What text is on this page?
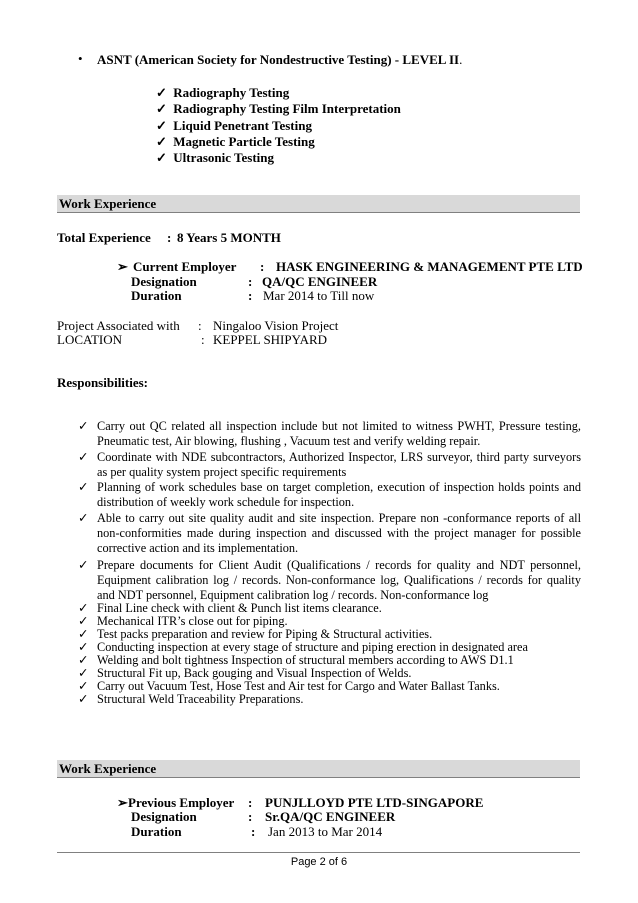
• ASNT (American Society for Nondestructive Testing) - LEVEL II.
✓ Radiography Testing
✓ Radiography Testing Film Interpretation
✓ Liquid Penetrant Testing
✓ Magnetic Particle Testing
✓ Ultrasonic Testing
Work Experience
Total Experience : 8 Years 5 MONTH
➢ Current Employer : HASK ENGINEERING & MANAGEMENT PTE LTD
Designation	: QA/QC ENGINEER
Duration	: Mar 2014 to Till now
Project Associated with : Ningaloo Vision Project
LOCATION	: KEPPEL SHIPYARD
Responsibilities:
✓ Carry out QC related all inspection include but not limited to witness PWHT, Pressure testing, Pneumatic test, Air blowing, flushing , Vacuum test and verify welding repair.
✓ Coordinate with NDE subcontractors, Authorized Inspector, LRS surveyor, third party surveyors as per quality system project specific requirements
✓ Planning of work schedules base on target completion, execution of inspection holds points and distribution of weekly work schedule for inspection.
✓ Able to carry out site quality audit and site inspection. Prepare non -conformance reports of all non-conformities made during inspection and discussed with the project manager for possible corrective action and its implementation.
✓ Prepare documents for Client Audit (Qualifications / records for quality and NDT personnel, Equipment calibration log / records. Non-conformance log, Qualifications / records for quality and NDT personnel, Equipment calibration log / records. Non-conformance log
✓ Final Line check with client & Punch list items clearance.
✓ Mechanical ITR’s close out for piping.
✓ Test packs preparation and review for Piping & Structural activities.
✓ Conducting inspection at every stage of structure and piping erection in designated area
✓ Welding and bolt tightness Inspection of structural members according to AWS D1.1
✓ Structural Fit up, Back gouging and Visual Inspection of Welds.
✓ Carry out Vacuum Test, Hose Test and Air test for Cargo and Water Ballast Tanks.
✓ Structural Weld Traceability Preparations.
Work Experience
➢ Previous Employer : PUNJLLOYD PTE LTD-SINGAPORE
Designation	: Sr.QA/QC ENGINEER
Duration	: Jan 2013 to Mar 2014
Page 2 of 6
